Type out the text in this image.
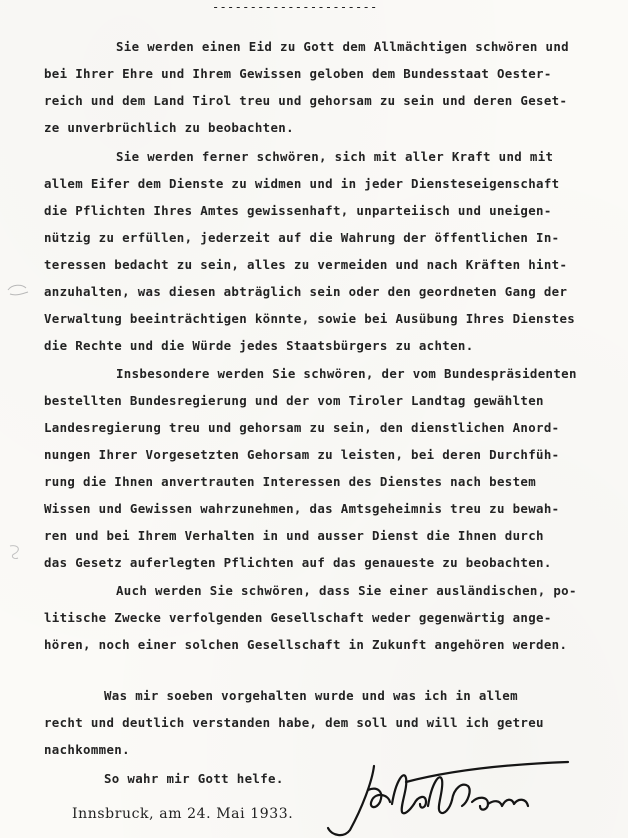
----------------------
Sie werden einen Eid zu Gott dem Allmächtigen schwören und
bei Ihrer Ehre und Ihrem Gewissen geloben dem Bundesstaat Oester-
reich und dem Land Tirol treu und gehorsam zu sein und deren Geset-
ze unverbrüchlich zu beobachten.
Sie werden ferner schwören, sich mit aller Kraft und mit
allem Eifer dem Dienste zu widmen und in jeder Diensteseigenschaft
die Pflichten Ihres Amtes gewissenhaft, unparteiisch und uneigen-
nützig zu erfüllen, jederzeit auf die Wahrung der öffentlichen In-
teressen bedacht zu sein, alles zu vermeiden und nach Kräften hint-
anzuhalten, was diesen abträglich sein oder den geordneten Gang der
Verwaltung beeinträchtigen könnte, sowie bei Ausübung Ihres Dienstes
die Rechte und die Würde jedes Staatsbürgers zu achten.
Insbesondere werden Sie schwören, der vom Bundespräsidenten
bestellten Bundesregierung und der vom Tiroler Landtag gewählten
Landesregierung treu und gehorsam zu sein, den dienstlichen Anord-
nungen Ihrer Vorgesetzten Gehorsam zu leisten, bei deren Durchfüh-
rung die Ihnen anvertrauten Interessen des Dienstes nach bestem
Wissen und Gewissen wahrzunehmen, das Amtsgeheimnis treu zu bewah-
ren und bei Ihrem Verhalten in und ausser Dienst die Ihnen durch
das Gesetz auferlegten Pflichten auf das genaueste zu beobachten.
Auch werden Sie schwören, dass Sie einer ausländischen, po-
litische Zwecke verfolgenden Gesellschaft weder gegenwärtig ange-
hören, noch einer solchen Gesellschaft in Zukunft angehören werden.
Was mir soeben vorgehalten wurde und was ich in allem
recht und deutlich verstanden habe, dem soll und will ich getreu
nachkommen.
So wahr mir Gott helfe.
Innsbruck, am 24. Mai 1933.
